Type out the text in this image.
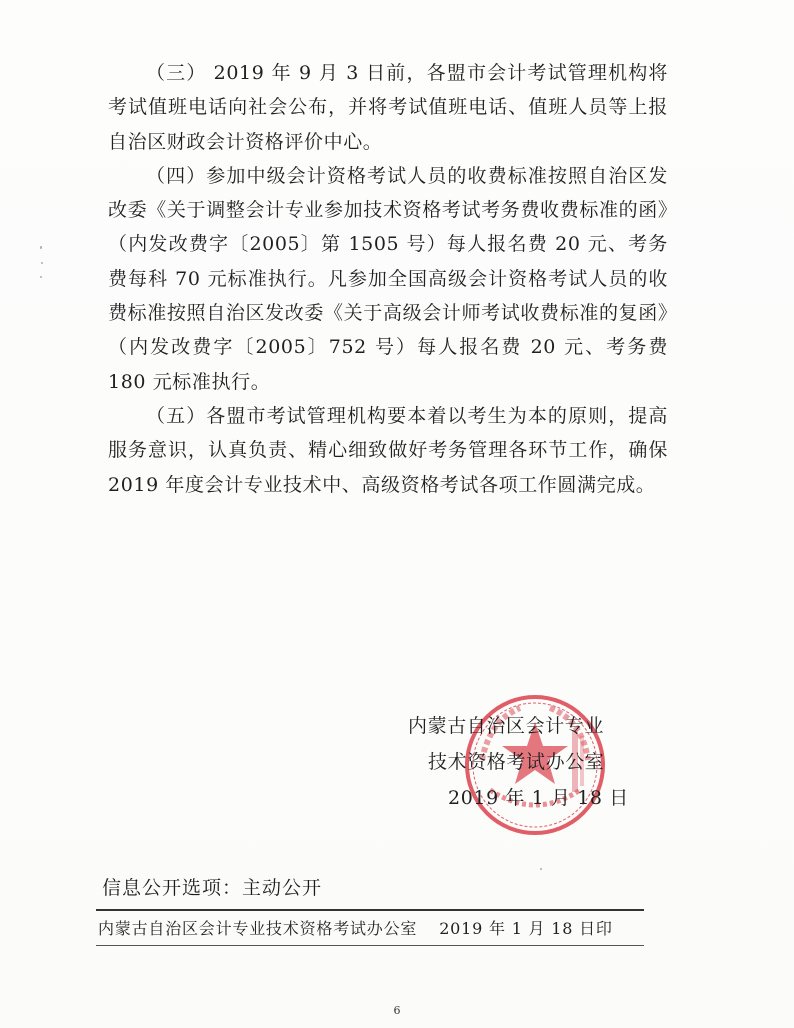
（三） 2019 年 9 月 3 日前，各盟市会计考试管理机构将考试值班电话向社会公布，并将考试值班电话、值班人员等上报自治区财政会计资格评价中心。

（四）参加中级会计资格考试人员的收费标准按照自治区发改委《关于调整会计专业参加技术资格考试考务费收费标准的函》（内发改费字〔2005〕第 1505 号）每人报名费 20 元、考务费每科 70 元标准执行。凡参加全国高级会计资格考试人员的收费标准按照自治区发改委《关于高级会计师考试收费标准的复函》（内发改费字〔2005〕752 号）每人报名费 20 元、考务费 180 元标准执行。

（五）各盟市考试管理机构要本着以考生为本的原则，提高服务意识，认真负责、精心细致做好考务管理各环节工作，确保 2019 年度会计专业技术中、高级资格考试各项工作圆满完成。

内蒙古自治区会计专业
技术资格考试办公室
2019 年 1 月 18 日
信息公开选项：主动公开
内蒙古自治区会计专业技术资格考试办公室 2019 年 1 月 18 日印
6
